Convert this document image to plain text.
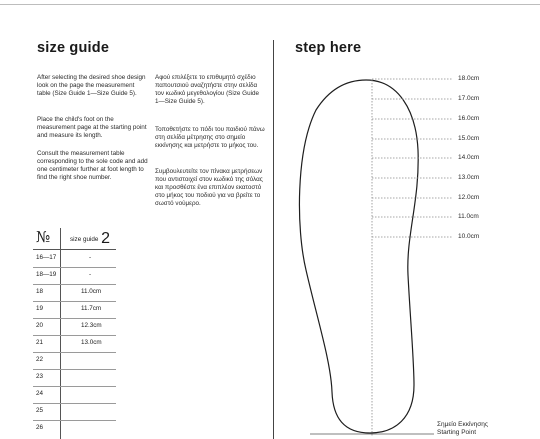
size guide
After selecting the desired shoe design look on the page the measurement table (Size Guide 1—Size Guide 5).
Place the child's foot on the measurement page at the starting point and measure its length.
Consult the measurement table corresponding to the sole code and add one centimeter further at foot length to find the right shoe number.
Αφού επιλέξετε το επιθυμητό σχέδιο παπουτσιού αναζητήστε στην σελίδα τον κωδικό μεγεθολογίου (Size Guide 1—Size Guide 5).
Τοποθετήστε το πόδι του παιδιού πάνω στη σελίδα μέτρησης στο σημείο εκκίνησης και μετρήστε το μήκος του.
Συμβουλευτείτε τον πίνακα μετρήσεων που αντιστοιχεί στον κωδικό της σόλας και προσθέστε ένα επιπλέον εκατοστό στο μήκος του ποδιού για να βρείτε το σωστό νούμερο.
№	size guide 2
16—17	-
18—19	-
18	11.0cm
19	11.7cm
20	12.3cm
21	13.0cm
22
23
24
25
26
step here
18.0cm
17.0cm
16.0cm
15.0cm
14.0cm
13.0cm
12.0cm
11.0cm
10.0cm
Σημείο Εκκίνησης
Starting Point
